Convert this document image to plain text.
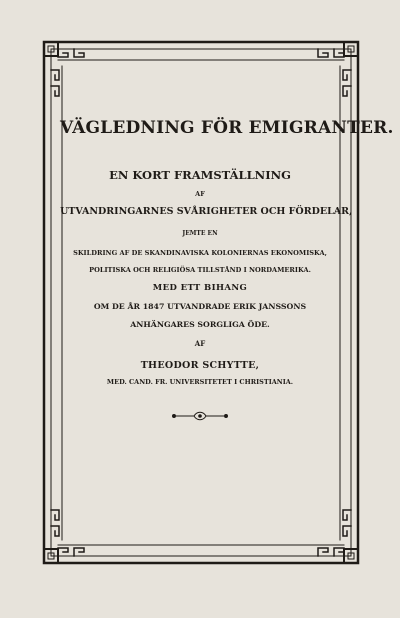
VÄGLEDNING FÖR EMIGRANTER.
EN KORT FRAMSTÄLLNING
AF
UTVANDRINGARNES SVÅRIGHETER OCH FÖRDELAR,
JEMTE EN
SKILDRING AF DE SKANDINAVISKA KOLONIERNAS EKONOMISKA,
POLITISKA OCH RELIGIÖSA TILLSTÅND I NORDAMERIKA.
MED ETT BIHANG
OM DE ÅR 1847 UTVANDRADE ERIK JANSSONS
ANHÄNGARES SORGLIGA ÖDE.
AF
THEODOR SCHYTTE,
MED. CAND. FR. UNIVERSITETET I CHRISTIANIA.
